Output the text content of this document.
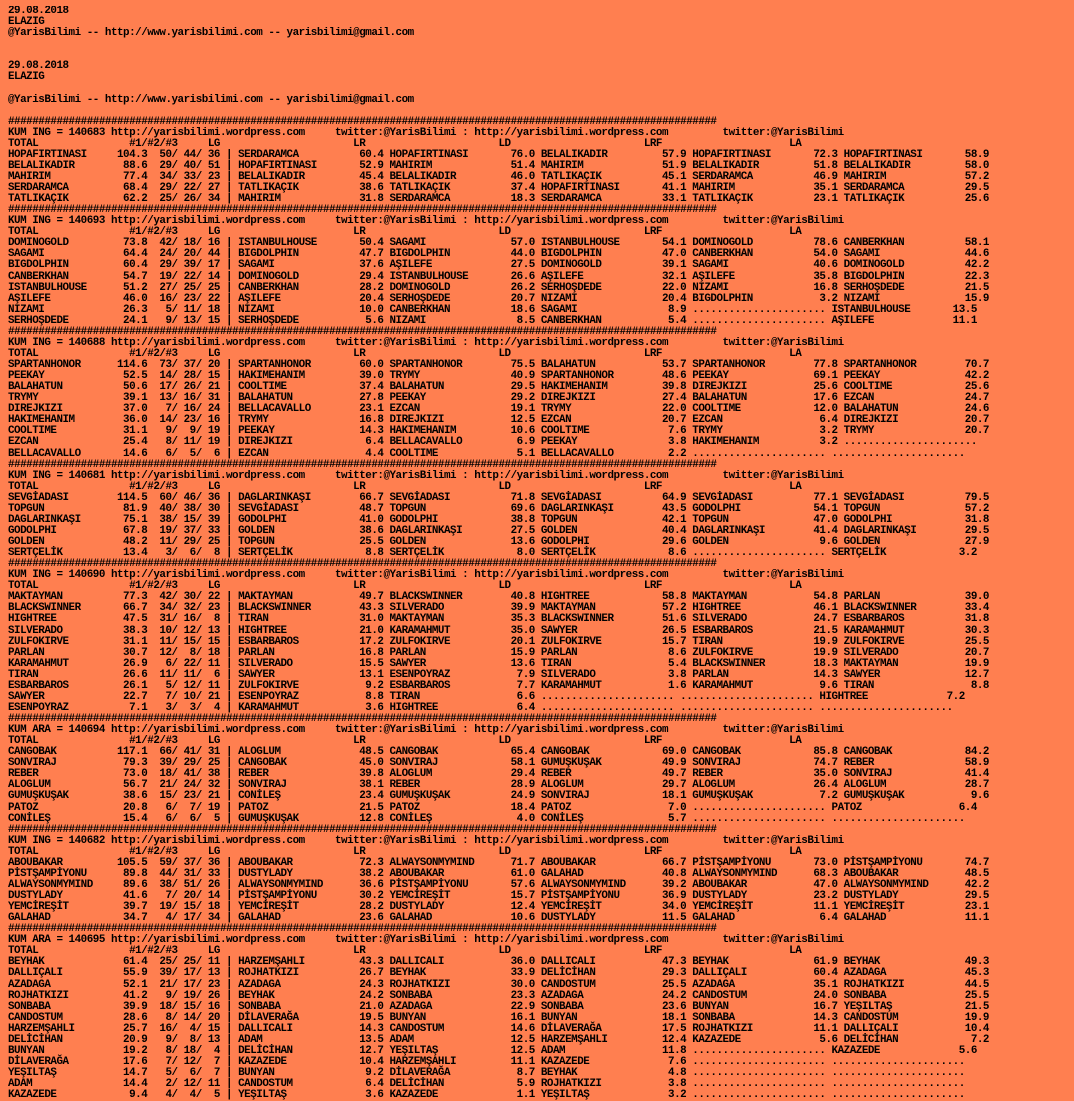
29.08.2018
ELAZIG
@YarisBilimi -- http://www.yarisbilimi.com -- yarisbilimi@gmail.com
29.08.2018
ELAZIG
@YarisBilimi -- http://www.yarisbilimi.com -- yarisbilimi@gmail.com
#####################################################################################################################
KUM ING = 140683 http://yarisbilimi.wordpress.com     twitter:@YarisBilimi : http://yarisbilimi.wordpress.com         twitter:@YarisBilimi
TOTAL               #1/#2/#3     LG                      LR                      LD                      LRF                     LA
HOPAFIRTINASI     104.3  50/ 44/ 36 | SERDARAMCA          60.4 HOPAFIRTINASI       76.0 BELALIKADIR         57.9 HOPAFIRTINASI       72.3 HOPAFIRTINASI       58.9
BELALIKADIR        88.6  29/ 40/ 51 | HOPAFIRTINASI       52.9 MAHIRIM             51.4 MAHIRIM             51.9 BELALIKADIR         51.8 BELALIKADIR         58.0
MAHIRIM            77.4  34/ 33/ 23 | BELALIKADIR         45.4 BELALIKADIR         46.0 TATLIKAÇIK          45.1 SERDARAMCA          46.9 MAHIRIM             57.2
SERDARAMCA         68.4  29/ 22/ 27 | TATLIKAÇIK          38.6 TATLIKAÇIK          37.4 HOPAFIRTINASI       41.1 MAHIRIM             35.1 SERDARAMCA          29.5
TATLIKAÇIK         62.2  25/ 26/ 34 | MAHIRIM             31.8 SERDARAMCA          18.3 SERDARAMCA          33.1 TATLIKAÇIK          23.1 TATLIKAÇIK          25.6
#####################################################################################################################
KUM ING = 140693 http://yarisbilimi.wordpress.com     twitter:@YarisBilimi : http://yarisbilimi.wordpress.com         twitter:@YarisBilimi
TOTAL               #1/#2/#3     LG                      LR                      LD                      LRF                     LA
DOMINOGOLD         73.8  42/ 18/ 16 | ISTANBULHOUSE       50.4 SAGAMI              57.0 ISTANBULHOUSE       54.1 DOMINOGOLD          78.6 CANBERKHAN          58.1
SAGAMI             64.4  24/ 20/ 44 | BIGDOLPHIN          47.7 BIGDOLPHIN          44.0 BIGDOLPHIN          47.0 CANBERKHAN          54.0 SAGAMI              44.6
BIGDOLPHIN         60.4  29/ 39/ 17 | SAGAMI              37.6 AŞILEFE             27.5 DOMINOGOLD          39.1 SAGAMI              40.6 DOMINOGOLD          42.2
CANBERKHAN         54.7  19/ 22/ 14 | DOMINOGOLD          29.4 ISTANBULHOUSE       26.6 AŞILEFE             32.1 AŞILEFE             35.8 BIGDOLPHIN          22.3
ISTANBULHOUSE      51.2  27/ 25/ 25 | CANBERKHAN          28.2 DOMINOGOLD          26.2 SERHOŞDEDE          22.0 NIZAMI              16.8 SERHOŞDEDE          21.5
AŞILEFE            46.0  16/ 23/ 22 | AŞILEFE             20.4 SERHOŞDEDE          20.7 NIZAMI              20.4 BIGDOLPHIN           3.2 NIZAMI              15.9
NIZAMI             26.3   5/ 11/ 18 | NIZAMI              10.0 CANBERKHAN          18.6 SAGAMI               8.9 ...................... ISTANBULHOUSE       13.5
SERHOŞDEDE         24.1   9/ 13/ 15 | SERHOŞDEDE           5.6 NIZAMI               8.5 CANBERKHAN           5.4 ...................... AŞILEFE             11.1
#####################################################################################################################
KUM ING = 140688 http://yarisbilimi.wordpress.com     twitter:@YarisBilimi : http://yarisbilimi.wordpress.com         twitter:@YarisBilimi
TOTAL               #1/#2/#3     LG                      LR                      LD                      LRF                     LA
SPARTANHONOR      114.6  73/ 37/ 20 | SPARTANHONOR        60.0 SPARTANHONOR        75.5 BALAHATUN           53.7 SPARTANHONOR        77.8 SPARTANHONOR        70.7
PEEKAY             52.5  14/ 28/ 15 | HAKIMEHANIM         39.0 TRYMY               40.9 SPARTANHONOR        48.6 PEEKAY              69.1 PEEKAY              42.2
BALAHATUN          50.6  17/ 26/ 21 | COOLTIME            37.4 BALAHATUN           29.5 HAKIMEHANIM         39.8 DIREJKIZI           25.6 COOLTIME            25.6
TRYMY              39.1  13/ 16/ 31 | BALAHATUN           27.8 PEEKAY              29.2 DIREJKIZI           27.4 BALAHATUN           17.6 EZCAN               24.7
DIREJKIZI          37.0   7/ 16/ 24 | BELLACAVALLO        23.1 EZCAN               19.1 TRYMY               22.0 COOLTIME            12.0 BALAHATUN           24.6
HAKIMEHANIM        36.0  14/ 23/ 16 | TRYMY               16.8 DIREJKIZI           12.5 EZCAN               20.7 EZCAN                6.4 DIREJKIZI           20.7
COOLTIME           31.1   9/  9/ 19 | PEEKAY              14.3 HAKIMEHANIM         10.6 COOLTIME             7.6 TRYMY                3.2 TRYMY               20.7
EZCAN              25.4   8/ 11/ 19 | DIREJKIZI            6.4 BELLACAVALLO         6.9 PEEKAY               3.8 HAKIMEHANIM          3.2 ......................
BELLACAVALLO       14.6   6/  5/  6 | EZCAN                4.4 COOLTIME             5.1 BELLACAVALLO         2.2 ...................... ......................
#####################################################################################################################
KUM ING = 140681 http://yarisbilimi.wordpress.com     twitter:@YarisBilimi : http://yarisbilimi.wordpress.com         twitter:@YarisBilimi
TOTAL               #1/#2/#3     LG                      LR                      LD                      LRF                     LA
SEVGİADASI        114.5  60/ 46/ 36 | DAGLARINKAŞI        66.7 SEVGİADASI          71.8 SEVGİADASI          64.9 SEVGİADASI          77.1 SEVGİADASI          79.5
TOPGUN             81.9  40/ 38/ 30 | SEVGİADASI          48.7 TOPGUN              69.6 DAGLARINKAŞI        43.5 GODOLPHI            54.1 TOPGUN              57.2
DAGLARINKAŞI       75.1  38/ 15/ 39 | GODOLPHI            41.0 GODOLPHI            38.8 TOPGUN              42.1 TOPGUN              47.0 GODOLPHI            31.8
GODOLPHI           67.8  19/ 37/ 33 | GOLDEN              38.6 DAGLARINKAŞI        27.5 GOLDEN              40.4 DAGLARINKAŞI        41.4 DAGLARINKAŞI        29.5
GOLDEN             48.2  11/ 29/ 25 | TOPGUN              25.5 GOLDEN              13.6 GODOLPHI            29.6 GOLDEN               9.6 GOLDEN              27.9
SERTÇELİK          13.4   3/  6/  8 | SERTÇELİK            8.8 SERTÇELİK            8.0 SERTÇELİK            8.6 ...................... SERTÇELİK            3.2
#####################################################################################################################
KUM ING = 140690 http://yarisbilimi.wordpress.com     twitter:@YarisBilimi : http://yarisbilimi.wordpress.com         twitter:@YarisBilimi
TOTAL               #1/#2/#3     LG                      LR                      LD                      LRF                     LA
MAKTAYMAN          77.3  42/ 30/ 22 | MAKTAYMAN           49.7 BLACKSWINNER        40.8 HIGHTREE            58.8 MAKTAYMAN           54.8 PARLAN              39.0
BLACKSWINNER       66.7  34/ 32/ 23 | BLACKSWINNER        43.3 SILVERADO           39.9 MAKTAYMAN           57.2 HIGHTREE            46.1 BLACKSWINNER        33.4
HIGHTREE           47.5  31/ 16/  8 | TIRAN               31.0 MAKTAYMAN           35.3 BLACKSWINNER        51.6 SILVERADO           24.7 ESBARBAROS          31.8
SILVERADO          38.3  10/ 12/ 13 | HIGHTREE            21.0 KARAMAHMUT          35.0 SAWYER              26.5 ESBARBAROS          21.5 KARAMAHMUT          30.3
ZULFOKIRVE         31.1  11/ 15/ 15 | ESBARBAROS          17.2 ZULFOKIRVE          20.1 ZULFOKIRVE          15.7 TIRAN               19.9 ZULFOKIRVE          25.5
PARLAN             30.7  12/  8/ 18 | PARLAN              16.8 PARLAN              15.9 PARLAN               8.6 ZULFOKIRVE          19.9 SILVERADO           20.7
KARAMAHMUT         26.9   6/ 22/ 11 | SILVERADO           15.5 SAWYER              13.6 TIRAN                5.4 BLACKSWINNER        18.3 MAKTAYMAN           19.9
TIRAN              26.6  11/ 11/  6 | SAWYER              13.1 ESENPOYRAZ           7.9 SILVERADO            3.8 PARLAN              14.3 SAWYER              12.7
ESBARBAROS         26.1   5/ 12/ 11 | ZULFOKIRVE           9.2 ESBARBAROS           7.7 KARAMAHMUT           1.6 KARAMAHMUT           9.6 TIRAN                8.8
SAWYER             22.7   7/ 10/ 21 | ESENPOYRAZ           8.8 TIRAN                6.6 ...................... ...................... HIGHTREE             7.2
ESENPOYRAZ          7.1   3/  3/  4 | KARAMAHMUT           3.6 HIGHTREE             6.4 ...................... ...................... ......................
#####################################################################################################################
KUM ARA = 140694 http://yarisbilimi.wordpress.com     twitter:@YarisBilimi : http://yarisbilimi.wordpress.com         twitter:@YarisBilimi
TOTAL               #1/#2/#3     LG                      LR                      LD                      LRF                     LA
CANGOBAK          117.1  66/ 41/ 31 | ALOGLUM             48.5 CANGOBAK            65.4 CANGOBAK            69.0 CANGOBAK            85.8 CANGOBAK            84.2
SONVIRAJ           79.3  39/ 29/ 25 | CANGOBAK            45.0 SONVIRAJ            58.1 GUMUŞKUŞAK          49.9 SONVIRAJ            74.7 REBER               58.9
REBER              73.0  18/ 41/ 38 | REBER               39.8 ALOGLUM             29.4 REBER               49.7 REBER               35.0 SONVIRAJ            41.4
ALOGLUM            56.7  21/ 24/ 32 | SONVIRAJ            38.1 REBER               28.9 ALOGLUM             29.7 ALOGLUM             26.4 ALOGLUM             28.7
GUMUŞKUŞAK         38.6  15/ 23/ 21 | CONİLEŞ             23.4 GUMUŞKUŞAK          24.9 SONVIRAJ            18.1 GUMUŞKUŞAK           7.2 GUMUŞKUŞAK           9.6
PATOZ              20.8   6/  7/ 19 | PATOZ               21.5 PATOZ               18.4 PATOZ                7.0 ...................... PATOZ                6.4
CONİLEŞ            15.4   6/  6/  5 | GUMUŞKUŞAK          12.8 CONİLEŞ              4.0 CONİLEŞ              5.7 ...................... ......................
#####################################################################################################################
KUM ING = 140682 http://yarisbilimi.wordpress.com     twitter:@YarisBilimi : http://yarisbilimi.wordpress.com         twitter:@YarisBilimi
TOTAL               #1/#2/#3     LG                      LR                      LD                      LRF                     LA
ABOUBAKAR         105.5  59/ 37/ 36 | ABOUBAKAR           72.3 ALWAYSONMYMIND      71.7 ABOUBAKAR           66.7 PİSTŞAMPİYONU       73.0 PİSTŞAMPİYONU       74.7
PİSTŞAMPİYONU      89.8  44/ 31/ 33 | DUSTYLADY           38.2 ABOUBAKAR           61.0 GALAHAD             40.8 ALWAYSONMYMIND      68.3 ABOUBAKAR           48.5
ALWAYSONMYMIND     89.6  38/ 51/ 26 | ALWAYSONMYMIND      36.6 PİSTŞAMPİYONU       57.6 ALWAYSONMYMIND      39.2 ABOUBAKAR           47.0 ALWAYSONMYMIND      42.2
DUSTYLADY          41.6   7/ 20/ 14 | PİSTŞAMPİYONU       30.2 YEMCİREŞİT          15.7 PİSTŞAMPİYONU       36.9 DUSTYLADY           23.2 DUSTYLADY           29.5
YEMCİREŞİT         39.7  19/ 15/ 18 | YEMCİREŞİT          28.2 DUSTYLADY           12.4 YEMCİREŞİT          34.0 YEMCİREŞİT          11.1 YEMCİREŞİT          23.1
GALAHAD            34.7   4/ 17/ 34 | GALAHAD             23.6 GALAHAD             10.6 DUSTYLADY           11.5 GALAHAD              6.4 GALAHAD             11.1
#####################################################################################################################
KUM ARA = 140695 http://yarisbilimi.wordpress.com     twitter:@YarisBilimi : http://yarisbilimi.wordpress.com         twitter:@YarisBilimi
TOTAL               #1/#2/#3     LG                      LR                      LD                      LRF                     LA
BEYHAK             61.4  25/ 25/ 11 | HARZEMŞAHLI         43.3 DALLICALI           36.0 DALLICALI           47.3 BEYHAK              61.9 BEYHAK              49.3
DALLIÇALI          55.9  39/ 17/ 13 | ROJHATKIZI          26.7 BEYHAK              33.9 DELİCİHAN           29.3 DALLIÇALI           60.4 AZADAGA             45.3
AZADAGA            52.1  21/ 17/ 23 | AZADAGA             24.3 ROJHATKIZI          30.0 CANDOSTUM           25.5 AZADAGA             35.1 ROJHATKIZI          44.5
ROJHATKIZI         41.2   9/ 19/ 26 | BEYHAK              24.2 SONBABA             23.3 AZADAGA             24.2 CANDOSTUM           24.0 SONBABA             25.5
SONBABA            39.9  18/ 15/ 16 | SONBABA             21.0 AZADAGA             22.9 SONBABA             23.6 BUNYAN              16.7 YEŞILTAŞ            21.5
CANDOSTUM          28.6   8/ 14/ 20 | DİLAVERAĞA          19.5 BUNYAN              16.1 BUNYAN              18.1 SONBABA             14.3 CANDOSTUM           19.9
HARZEMŞAHLI        25.7  16/  4/ 15 | DALLICALI           14.3 CANDOSTUM           14.6 DİLAVERAĞA          17.5 ROJHATKIZI          11.1 DALLIÇALI           10.4
DELİCİHAN          20.9   9/  8/ 13 | ADAM                13.5 ADAM                12.5 HARZEMŞAHLI         12.4 KAZAZEDE             5.6 DELİCİHAN            7.2
BUNYAN             19.2   8/ 18/  4 | DELİCİHAN           12.7 YEŞILTAŞ            12.5 ADAM                11.8 ...................... KAZAZEDE             5.6
DİLAVERAĞA         17.6   7/ 12/  7 | KAZAZEDE            10.4 HARZEMŞAHLI         11.1 KAZAZEDE             7.6 ...................... ......................
YEŞILTAŞ           14.7   5/  6/  7 | BUNYAN               9.2 DİLAVERAĞA           8.7 BEYHAK               4.8 ...................... ......................
ADAM               14.4   2/ 12/ 11 | CANDOSTUM            6.4 DELİCİHAN            5.9 ROJHATKIZI           3.8 ...................... ......................
KAZAZEDE            9.4   4/  4/  5 | YEŞILTAŞ             3.6 KAZAZEDE             1.1 YEŞILTAŞ             3.2 ...................... ......................
